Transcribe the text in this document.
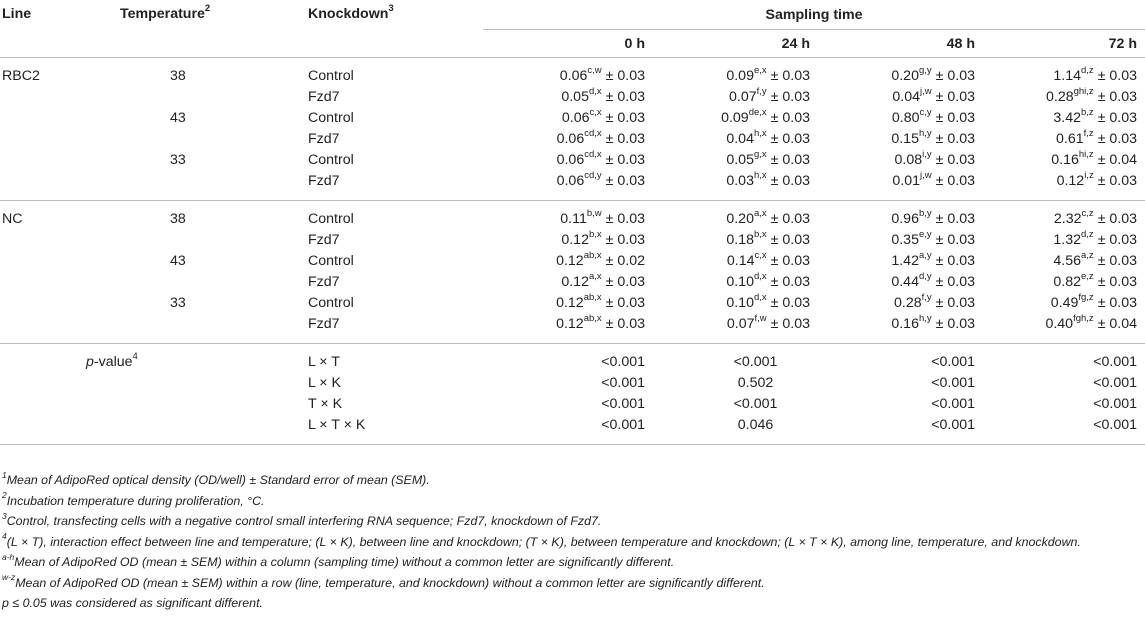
Line	Temperature$^2$	Knockdown$^3$	Sampling time			
			0 h	24 h	48 h	72 h
RBC2	38	Control	$0.06^{c,w} \pm 0.03$	$0.09^{e,x} \pm 0.03$	$0.20^{g,y} \pm 0.03$	$1.14^{d,z} \pm 0.03$
		Fzd7	$0.05^{d,x} \pm 0.03$	$0.07^{f,y} \pm 0.03$	$0.04^{j,w} \pm 0.03$	$0.28^{ghi,z} \pm 0.03$
	43	Control	$0.06^{c,x} \pm 0.03$	$0.09^{de,x} \pm 0.03$	$0.80^{c,y} \pm 0.03$	$3.42^{b,z} \pm 0.03$
		Fzd7	$0.06^{cd,x} \pm 0.03$	$0.04^{h,x} \pm 0.03$	$0.15^{h,y} \pm 0.03$	$0.61^{f,z} \pm 0.03$
	33	Control	$0.06^{cd,x} \pm 0.03$	$0.05^{g,x} \pm 0.03$	$0.08^{i,y} \pm 0.03$	$0.16^{hi,z} \pm 0.04$
		Fzd7	$0.06^{cd,y} \pm 0.03$	$0.03^{h,x} \pm 0.03$	$0.01^{j,w} \pm 0.03$	$0.12^{i,z} \pm 0.03$
NC	38	Control	$0.11^{b,w} \pm 0.03$	$0.20^{a,x} \pm 0.03$	$0.96^{b,y} \pm 0.03$	$2.32^{c,z} \pm 0.03$
		Fzd7	$0.12^{b,x} \pm 0.03$	$0.18^{b,x} \pm 0.03$	$0.35^{e,y} \pm 0.03$	$1.32^{d,z} \pm 0.03$
	43	Control	$0.12^{ab,x} \pm 0.02$	$0.14^{c,x} \pm 0.03$	$1.42^{a,y} \pm 0.03$	$4.56^{a,z} \pm 0.03$
		Fzd7	$0.12^{a,x} \pm 0.03$	$0.10^{d,x} \pm 0.03$	$0.44^{d,y} \pm 0.03$	$0.82^{e,z} \pm 0.03$
	33	Control	$0.12^{ab,x} \pm 0.03$	$0.10^{d,x} \pm 0.03$	$0.28^{f,y} \pm 0.03$	$0.49^{fg,z} \pm 0.03$
		Fzd7	$0.12^{ab,x} \pm 0.03$	$0.07^{f,w} \pm 0.03$	$0.16^{h,y} \pm 0.03$	$0.40^{fgh,z} \pm 0.04$
p-value$^4$		L × T	<0.001	<0.001	<0.001	<0.001
		L × K	<0.001	0.502	<0.001	<0.001
		T × K	<0.001	<0.001	<0.001	<0.001
		L × T × K	<0.001	0.046	<0.001	<0.001

$^1$Mean of AdipoRed optical density (OD/well) ± Standard error of mean (SEM).

$^2$Incubation temperature during proliferation, °C.

$^3$Control, transfecting cells with a negative control small interfering RNA sequence; Fzd7, knockdown of Fzd7.

$^4$(L × T), interaction effect between line and temperature; (L × K), between line and knockdown; (T × K), between temperature and knockdown; (L × T × K), among line, temperature, and knockdown.

$^{a-h}$Mean of AdipoRed OD (mean ± SEM) within a column (sampling time) without a common letter are significantly different.

$^{w-z}$Mean of AdipoRed OD (mean ± SEM) within a row (line, temperature, and knockdown) without a common letter are significantly different.

p ≤ 0.05 was considered as significant different.
